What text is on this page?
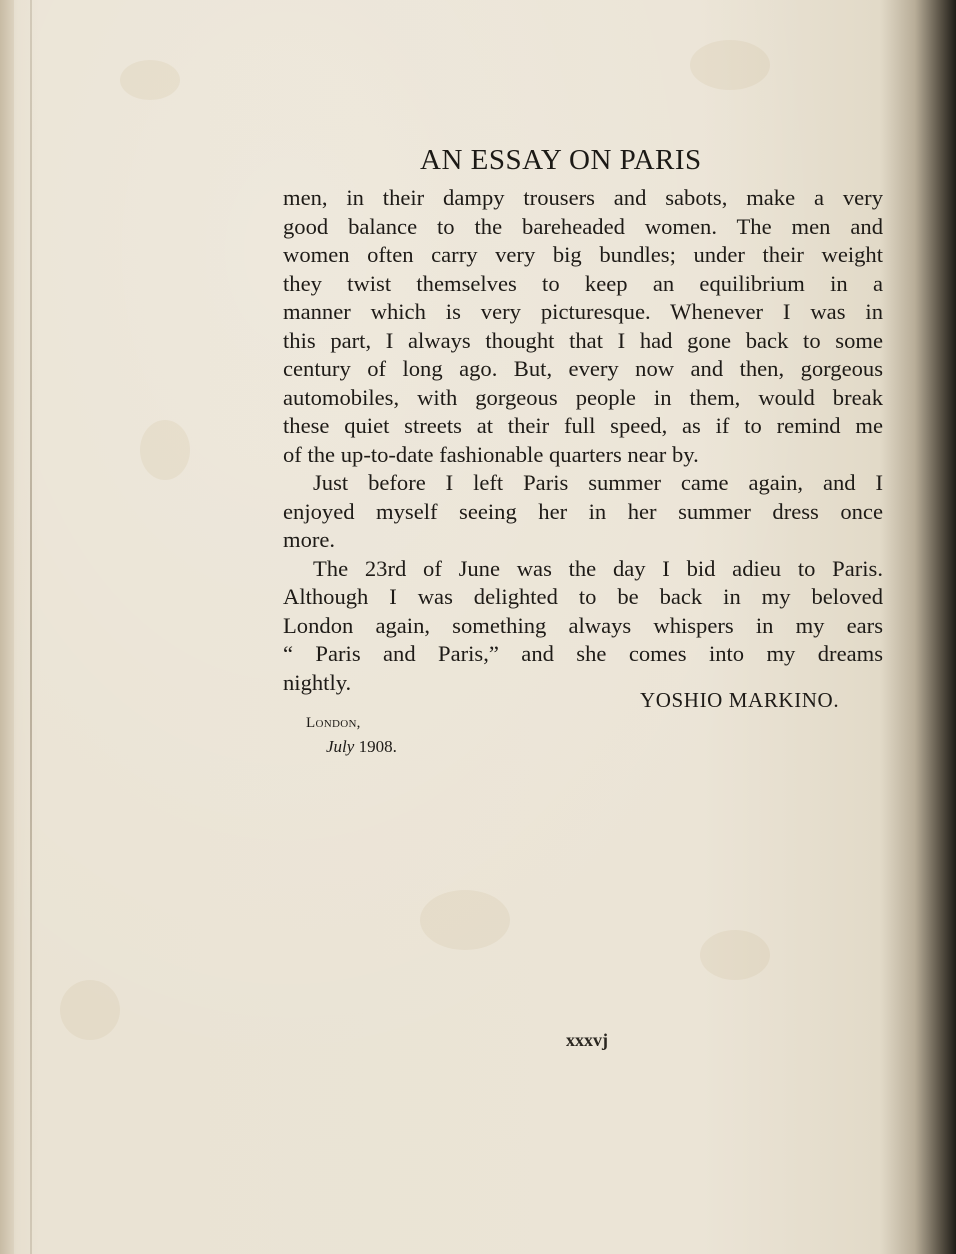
AN ESSAY ON PARIS
men, in their dampy trousers and sabots, make a very
good balance to the bareheaded women. The men and
women often carry very big bundles; under their weight
they twist themselves to keep an equilibrium in a
manner which is very picturesque. Whenever I was in
this part, I always thought that I had gone back to some
century of long ago. But, every now and then, gorgeous
automobiles, with gorgeous people in them, would break
these quiet streets at their full speed, as if to remind me
of the up-to-date fashionable quarters near by.
Just before I left Paris summer came again, and I
enjoyed myself seeing her in her summer dress once
more.
The 23rd of June was the day I bid adieu to Paris.
Although I was delighted to be back in my beloved
London again, something always whispers in my ears
“ Paris and Paris,” and she comes into my dreams
nightly.
YOSHIO MARKINO.
London,
July 1908.
xxxvj
